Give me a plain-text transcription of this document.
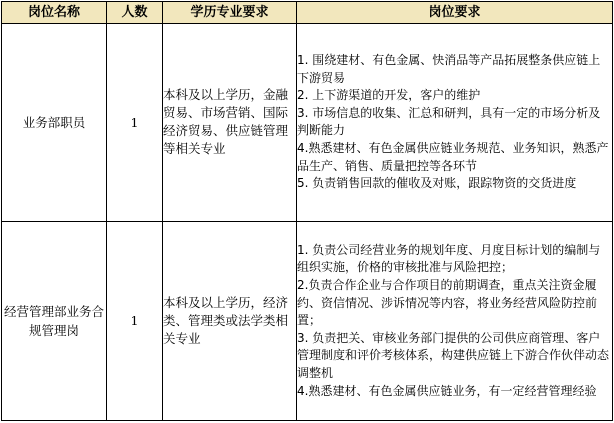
岗位名称	人数	学历专业要求	岗位要求
业务部职员	1	本科及以上学历，金融贸易、市场营销、国际经济贸易、供应链管理等相关专业	1. 围绕建材、有色金属、快消品等产品拓展整条供应链上下游贸易
2. 上下游渠道的开发，客户的维护
3. 市场信息的收集、汇总和研判，具有一定的市场分析及判断能力
4.熟悉建材、有色金属供应链业务规范、业务知识，熟悉产品生产、销售、质量把控等各环节
5. 负责销售回款的催收及对账，跟踪物资的交货进度

经营管理部业务合规管理岗	1	本科及以上学历，经济类、管理类或法学类相关专业	1. 负责公司经营业务的规划年度、月度目标计划的编制与组织实施，价格的审核批准与风险把控；
2.负责合作企业与合作项目的前期调查，重点关注资金履约、资信情况、涉诉情况等内容，将业务经营风险防控前置；
3. 负责把关、审核业务部门提供的公司供应商管理、客户管理制度和评价考核体系，构建供应链上下游合作伙伴动态调整机
4.熟悉建材、有色金属供应链业务，有一定经营管理经验
